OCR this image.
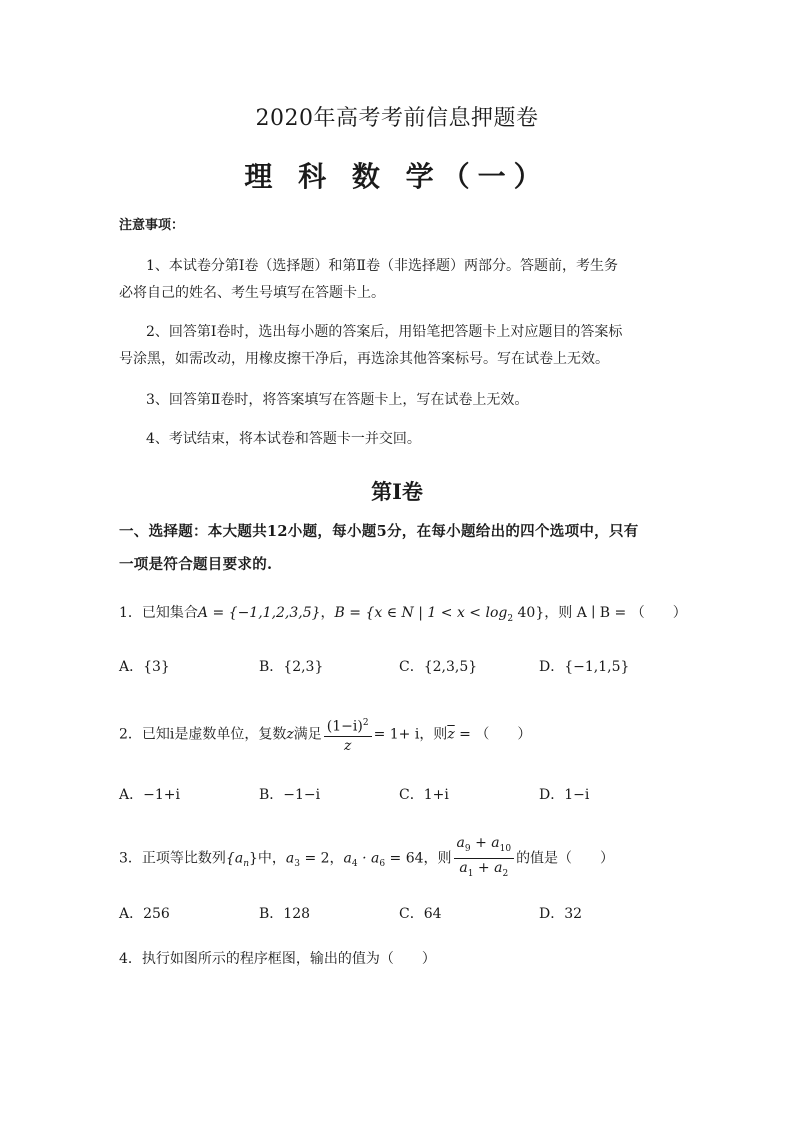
2020年高考考前信息押题卷
理 科 数 学（一）
注意事项：
1、本试卷分第Ⅰ卷（选择题）和第Ⅱ卷（非选择题）两部分。答题前，考生务
必将自己的姓名、考生号填写在答题卡上。
2、回答第Ⅰ卷时，选出每小题的答案后，用铅笔把答题卡上对应题目的答案标
号涂黑，如需改动，用橡皮擦干净后，再选涂其他答案标号。写在试卷上无效。
3、回答第Ⅱ卷时，将答案填写在答题卡上，写在试卷上无效。
4、考试结束，将本试卷和答题卡一并交回。
第Ⅰ卷
一、选择题：本大题共12小题，每小题5分，在每小题给出的四个选项中，只有
一项是符合题目要求的.
1．已知集合A = {−1,1,2,3,5}，B = {x ∈ N | $1 < x < \log_2 40$}，则 A ∣ B = （　　）
A．{3}	B．{2,3}	C．{2,3,5}	D．{−1,1,5}
2．已知i是虚数单位，复数z满足 $\frac{(1-i)^2}{z} = 1+ i$，则$\overline{z}$ = （　　）
A．−1+i	B．−1−i	C．1+i	D．1−i
3．正项等比数列$\{a_n\}$中，$a_3 = 2$，$a_4 \cdot a_6 = 64$，则 $\frac{a_9 + a_{10}}{a_1 + a_2}$ 的值是（　　）
A．256	B．128	C．64	D．32
4．执行如图所示的程序框图，输出的值为（　　）
